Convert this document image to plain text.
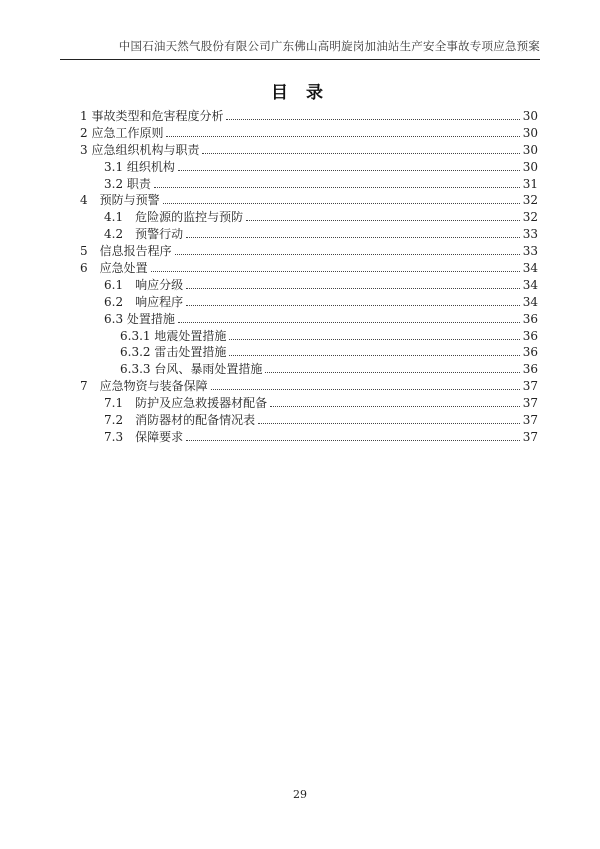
中国石油天然气股份有限公司广东佛山高明旋岗加油站生产安全事故专项应急预案
目 录
1 事故类型和危害程度分析	30
2 应急工作原则	30
3 应急组织机构与职责	30
3.1 组织机构	30
3.2 职责	31
4　预防与预警	32
4.1　危险源的监控与预防	32
4.2　预警行动	33
5　信息报告程序	33
6　应急处置	34
6.1　响应分级	34
6.2　响应程序	34
6.3 处置措施	36
6.3.1 地震处置措施	36
6.3.2 雷击处置措施	36
6.3.3 台风、暴雨处置措施	36
7　应急物资与装备保障	37
7.1　防护及应急救援器材配备	37
7.2　消防器材的配备情况表	37
7.3　保障要求	37
29
